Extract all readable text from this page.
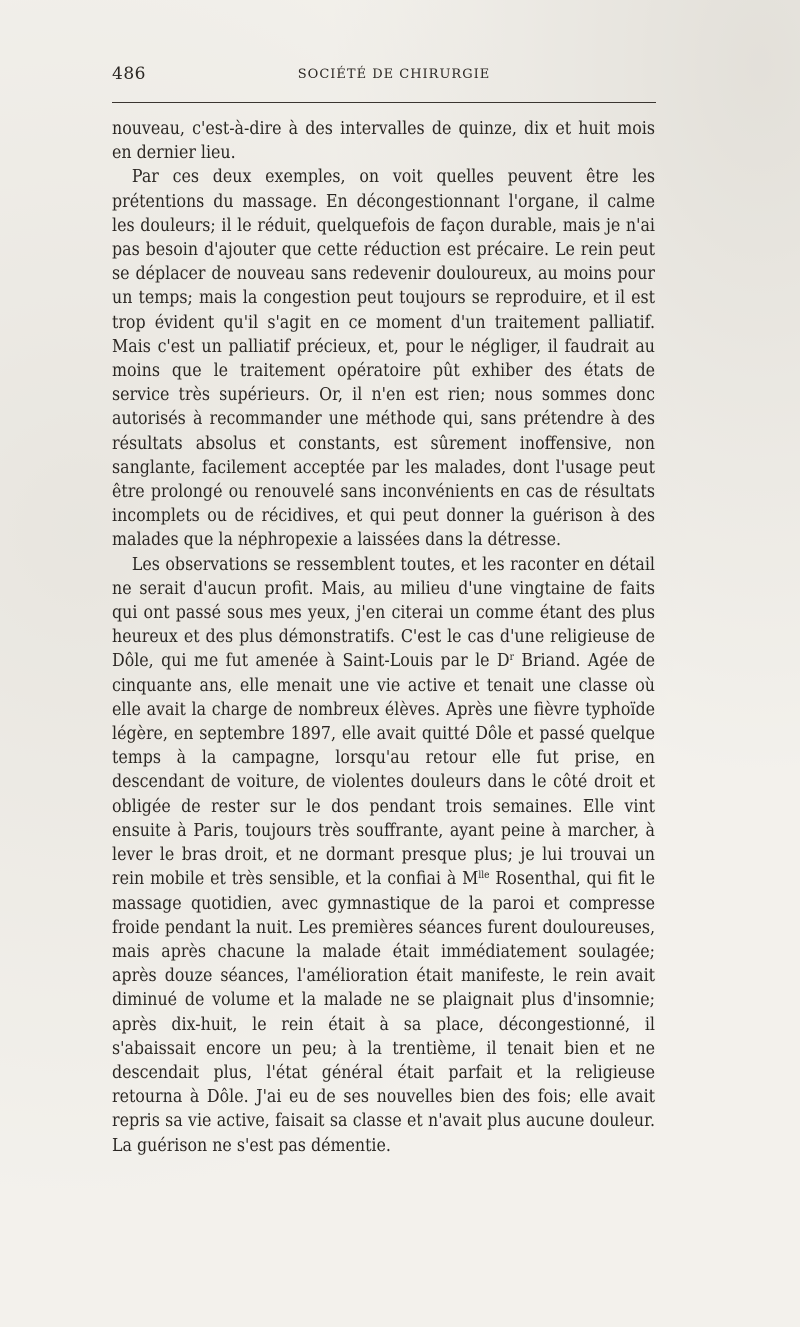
486	SOCIÉTÉ DE CHIRURGIE

nouveau, c'est-à-dire à des intervalles de quinze, dix et huit mois en dernier lieu.

Par ces deux exemples, on voit quelles peuvent être les prétentions du massage. En décongestionnant l'organe, il calme les douleurs; il le réduit, quelquefois de façon durable, mais je n'ai pas besoin d'ajouter que cette réduction est précaire. Le rein peut se déplacer de nouveau sans redevenir douloureux, au moins pour un temps; mais la congestion peut toujours se reproduire, et il est trop évident qu'il s'agit en ce moment d'un traitement palliatif. Mais c'est un palliatif précieux, et, pour le négliger, il faudrait au moins que le traitement opératoire pût exhiber des états de service très supérieurs. Or, il n'en est rien; nous sommes donc autorisés à recommander une méthode qui, sans prétendre à des résultats absolus et constants, est sûrement inoffensive, non sanglante, facilement acceptée par les malades, dont l'usage peut être prolongé ou renouvelé sans inconvénients en cas de résultats incomplets ou de récidives, et qui peut donner la guérison à des malades que la néphropexie a laissées dans la détresse.

Les observations se ressemblent toutes, et les raconter en détail ne serait d'aucun profit. Mais, au milieu d'une vingtaine de faits qui ont passé sous mes yeux, j'en citerai un comme étant des plus heureux et des plus démonstratifs. C'est le cas d'une religieuse de Dôle, qui me fut amenée à Saint-Louis par le $D^r$ Briand. Agée de cinquante ans, elle menait une vie active et tenait une classe où elle avait la charge de nombreux élèves. Après une fièvre typhoïde légère, en septembre 1897, elle avait quitté Dôle et passé quelque temps à la campagne, lorsqu'au retour elle fut prise, en descendant de voiture, de violentes douleurs dans le côté droit et obligée de rester sur le dos pendant trois semaines. Elle vint ensuite à Paris, toujours très souffrante, ayant peine à marcher, à lever le bras droit, et ne dormant presque plus; je lui trouvai un rein mobile et très sensible, et la confiai à $M^{lle}$ Rosenthal, qui fit le massage quotidien, avec gymnastique de la paroi et compresse froide pendant la nuit. Les premières séances furent douloureuses, mais après chacune la malade était immédiatement soulagée; après douze séances, l'amélioration était manifeste, le rein avait diminué de volume et la malade ne se plaignait plus d'insomnie; après dix-huit, le rein était à sa place, décongestionné, il s'abaissait encore un peu; à la trentième, il tenait bien et ne descendait plus, l'état général était parfait et la religieuse retourna à Dôle. J'ai eu de ses nouvelles bien des fois; elle avait repris sa vie active, faisait sa classe et n'avait plus aucune douleur. La guérison ne s'est pas démentie.
